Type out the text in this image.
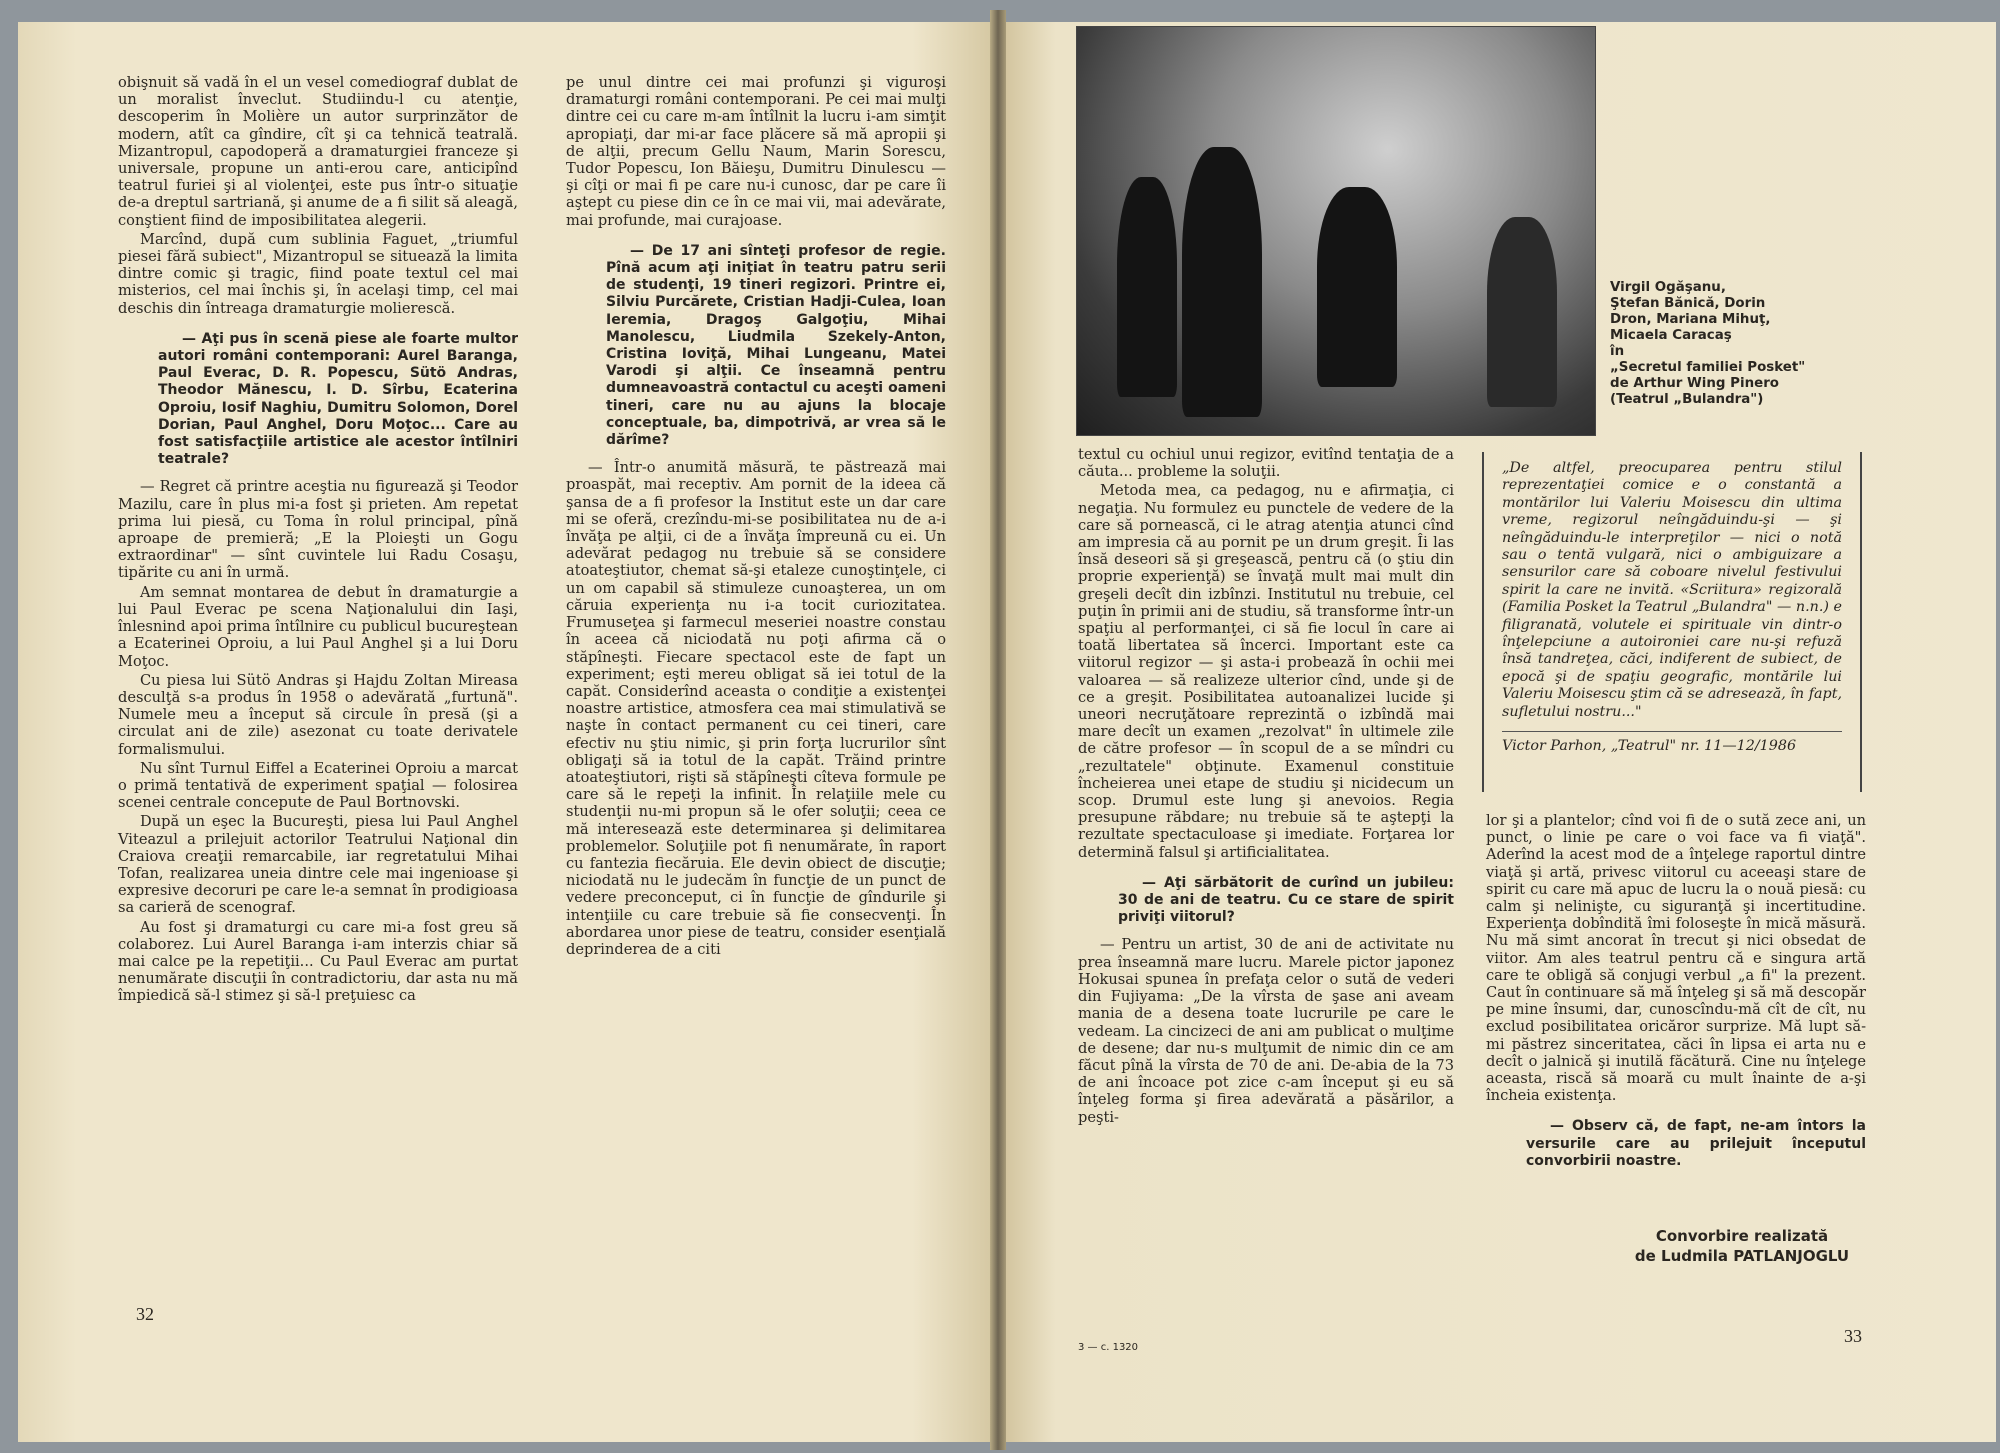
obişnuit să vadă în el un vesel comediograf dublat de un moralist înveclut. Studiindu-l cu atenţie, descoperim în Molière un autor surprinzător de modern, atît ca gîndire, cît şi ca tehnică teatrală. Mizantropul, capodoperă a dramaturgiei franceze şi universale, propune un anti-erou care, anticipînd teatrul furiei şi al violenţei, este pus într-o situaţie de-a dreptul sartriană, şi anume de a fi silit să aleagă, conştient fiind de imposibilitatea alegerii.

Marcînd, după cum sublinia Faguet, „triumful piesei fără subiect", Mizantropul se situează la limita dintre comic şi tragic, fiind poate textul cel mai misterios, cel mai închis şi, în acelaşi timp, cel mai deschis din întreaga dramaturgie molierescă.

— Aţi pus în scenă piese ale foarte multor autori români contemporani: Aurel Baranga, Paul Everac, D. R. Popescu, Sütö Andras, Theodor Mănescu, I. D. Sîrbu, Ecaterina Oproiu, Iosif Naghiu, Dumitru Solomon, Dorel Dorian, Paul Anghel, Doru Moţoc... Care au fost satisfacţiile artistice ale acestor întîlniri teatrale?

— Regret că printre aceştia nu figurează şi Teodor Mazilu, care în plus mi-a fost şi prieten. Am repetat prima lui piesă, cu Toma în rolul principal, pînă aproape de premieră; „E la Ploieşti un Gogu extraordinar" — sînt cuvintele lui Radu Cosaşu, tipărite cu ani în urmă.

Am semnat montarea de debut în dramaturgie a lui Paul Everac pe scena Naţionalului din Iaşi, înlesnind apoi prima întîlnire cu publicul bucureştean a Ecaterinei Oproiu, a lui Paul Anghel şi a lui Doru Moţoc.

Cu piesa lui Sütö Andras şi Hajdu Zoltan Mireasa desculţă s-a produs în 1958 o adevărată „furtună". Numele meu a început să circule în presă (şi a circulat ani de zile) asezonat cu toate derivatele formalismului.

Nu sînt Turnul Eiffel a Ecaterinei Oproiu a marcat o primă tentativă de experiment spaţial — folosirea scenei centrale concepute de Paul Bortnovski.

După un eşec la Bucureşti, piesa lui Paul Anghel Viteazul a prilejuit actorilor Teatrului Naţional din Craiova creaţii remarcabile, iar regretatului Mihai Tofan, realizarea uneia dintre cele mai ingenioase şi expresive decoruri pe care le-a semnat în prodigioasa sa carieră de scenograf.

Au fost şi dramaturgi cu care mi-a fost greu să colaborez. Lui Aurel Baranga i-am interzis chiar să mai calce pe la repetiţii... Cu Paul Everac am purtat nenumărate discuţii în contradictoriu, dar asta nu mă împiedică să-l stimez şi să-l preţuiesc ca

pe unul dintre cei mai profunzi şi viguroşi dramaturgi români contemporani. Pe cei mai mulţi dintre cei cu care m-am întîlnit la lucru i-am simţit apropiaţi, dar mi-ar face plăcere să mă apropii şi de alţii, precum Gellu Naum, Marin Sorescu, Tudor Popescu, Ion Băieşu, Dumitru Dinulescu — şi cîţi or mai fi pe care nu-i cunosc, dar pe care îi aştept cu piese din ce în ce mai vii, mai adevărate, mai profunde, mai curajoase.

— De 17 ani sînteţi profesor de regie. Pînă acum aţi iniţiat în teatru patru serii de studenţi, 19 tineri regizori. Printre ei, Silviu Purcărete, Cristian Hadji-Culea, Ioan Ieremia, Dragoş Galgoţiu, Mihai Manolescu, Liudmila Szekely-Anton, Cristina Ioviţă, Mihai Lungeanu, Matei Varodi şi alţii. Ce înseamnă pentru dumneavoastră contactul cu aceşti oameni tineri, care nu au ajuns la blocaje conceptuale, ba, dimpotrivă, ar vrea să le dărîme?

— Într-o anumită măsură, te păstrează mai proaspăt, mai receptiv. Am pornit de la ideea că şansa de a fi profesor la Institut este un dar care mi se oferă, crezîndu-mi-se posibilitatea nu de a-i învăţa pe alţii, ci de a învăţa împreună cu ei. Un adevărat pedagog nu trebuie să se considere atoateştiutor, chemat să-şi etaleze cunoştinţele, ci un om capabil să stimuleze cunoaşterea, un om căruia experienţa nu i-a tocit curiozitatea. Frumuseţea şi farmecul meseriei noastre constau în aceea că niciodată nu poţi afirma că o stăpîneşti. Fiecare spectacol este de fapt un experiment; eşti mereu obligat să iei totul de la capăt. Considerînd aceasta o condiţie a existenţei noastre artistice, atmosfera cea mai stimulativă se naşte în contact permanent cu cei tineri, care efectiv nu ştiu nimic, şi prin forţa lucrurilor sînt obligaţi să ia totul de la capăt. Trăind printre atoateştiutori, rişti să stăpîneşti cîteva formule pe care să le repeţi la infinit. În relaţiile mele cu studenţii nu-mi propun să le ofer soluţii; ceea ce mă interesează este determinarea şi delimitarea problemelor. Soluţiile pot fi nenumărate, în raport cu fantezia fiecăruia. Ele devin obiect de discuţie; niciodată nu le judecăm în funcţie de un punct de vedere preconceput, ci în funcţie de gîndurile şi intenţiile cu care trebuie să fie consecvenţi. În abordarea unor piese de teatru, consider esenţială deprinderea de a citi

32
Virgil Ogăşanu,
Ştefan Bănică, Dorin
Dron, Mariana Mihuţ,
Micaela Caracaş
în
„Secretul familiei Posket"
de Arthur Wing Pinero
(Teatrul „Bulandra")

textul cu ochiul unui regizor, evitînd tentaţia de a căuta... probleme la soluţii.

Metoda mea, ca pedagog, nu e afirmaţia, ci negaţia. Nu formulez eu punctele de vedere de la care să pornească, ci le atrag atenţia atunci cînd am impresia că au pornit pe un drum greşit. Îi las însă deseori să şi greşească, pentru că (o ştiu din proprie experienţă) se învaţă mult mai mult din greşeli decît din izbînzi. Institutul nu trebuie, cel puţin în primii ani de studiu, să transforme într-un spaţiu al performanţei, ci să fie locul în care ai toată libertatea să încerci. Important este ca viitorul regizor — şi asta-i probează în ochii mei valoarea — să realizeze ulterior cînd, unde şi de ce a greşit. Posibilitatea autoanalizei lucide şi uneori necruţătoare reprezintă o izbîndă mai mare decît un examen „rezolvat" în ultimele zile de către profesor — în scopul de a se mîndri cu „rezultatele" obţinute. Examenul constituie încheierea unei etape de studiu şi nicidecum un scop. Drumul este lung şi anevoios. Regia presupune răbdare; nu trebuie să te aştepţi la rezultate spectaculoase şi imediate. Forţarea lor determină falsul şi artificialitatea.

— Aţi sărbătorit de curînd un jubileu: 30 de ani de teatru. Cu ce stare de spirit priviţi viitorul?

— Pentru un artist, 30 de ani de activitate nu prea înseamnă mare lucru. Marele pictor japonez Hokusai spunea în prefaţa celor o sută de vederi din Fujiyama: „De la vîrsta de şase ani aveam mania de a desena toate lucrurile pe care le vedeam. La cincizeci de ani am publicat o mulţime de desene; dar nu-s mulţumit de nimic din ce am făcut pînă la vîrsta de 70 de ani. De-abia de la 73 de ani încoace pot zice c-am început şi eu să înţeleg forma şi firea adevărată a păsărilor, a peşti-

„De altfel, preocuparea pentru stilul reprezentaţiei comice e o constantă a montărilor lui Valeriu Moisescu din ultima vreme, regizorul neîngăduindu-şi — şi neîngăduindu-le interpreţilor — nici o notă sau o tentă vulgară, nici o ambiguizare a sensurilor care să coboare nivelul festivului spirit la care ne invită. «Scriitura» regizorală (Familia Posket la Teatrul „Bulandra" — n.n.) e filigranată, volutele ei spirituale vin dintr-o înţelepciune a autoironiei care nu-şi refuză însă tandreţea, căci, indiferent de subiect, de epocă şi de spaţiu geografic, montările lui Valeriu Moisescu ştim că se adresează, în fapt, sufletului nostru..."
Victor Parhon, „Teatrul" nr. 11—12/1986

lor şi a plantelor; cînd voi fi de o sută zece ani, un punct, o linie pe care o voi face va fi viaţă". Aderînd la acest mod de a înţelege raportul dintre viaţă şi artă, privesc viitorul cu aceeaşi stare de spirit cu care mă apuc de lucru la o nouă piesă: cu calm şi nelinişte, cu siguranţă şi incertitudine. Experienţa dobîndită îmi foloseşte în mică măsură. Nu mă simt ancorat în trecut şi nici obsedat de viitor. Am ales teatrul pentru că e singura artă care te obligă să conjugi verbul „a fi" la prezent. Caut în continuare să mă înţeleg şi să mă descopăr pe mine însumi, dar, cunoscîndu-mă cît de cît, nu exclud posibilitatea oricăror surprize. Mă lupt să-mi păstrez sinceritatea, căci în lipsa ei arta nu e decît o jalnică şi inutilă făcătură. Cine nu înţelege aceasta, riscă să moară cu mult înainte de a-şi încheia existenţa.

— Observ că, de fapt, ne-am întors la versurile care au prilejuit începutul convorbirii noastre.

Convorbire realizată
de Ludmila PATLANJOGLU
3 — c. 1320
33
